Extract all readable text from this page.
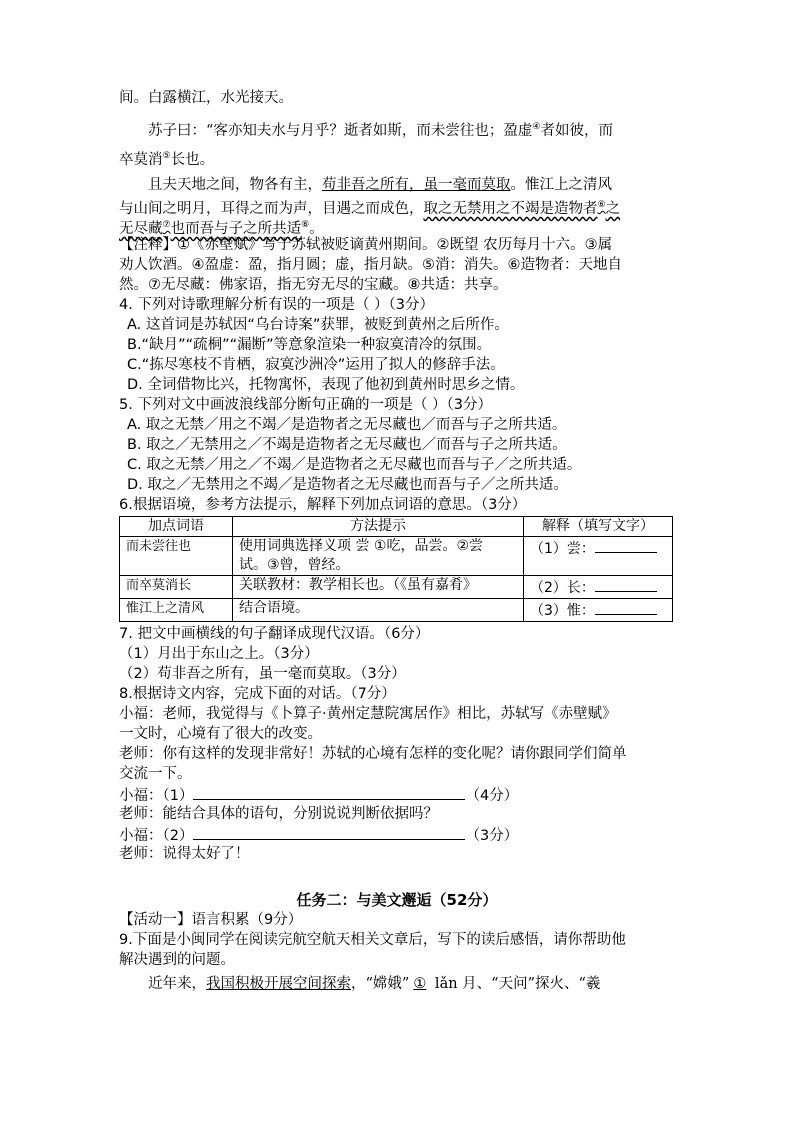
间。白露横江，水光接天。
苏子曰：“客亦知夫水与月乎？逝者如斯，而未尝往也；盈虚④者如彼，而
卒莫消⑤长也。
且夫天地之间，物各有主，苟非吾之所有，虽一毫而莫取。惟江上之清风
与山间之明月，耳得之而为声，目遇之而成色，取之无禁用之不竭是造物者⑥之
无尽藏⑦也而吾与子之所共适⑧。
【注释】①《赤壁赋》写于苏轼被贬谪黄州期间。②既望 农历每月十六。③属
劝人饮酒。④盈虚：盈，指月圆；虚，指月缺。⑤消：消失。⑥造物者：天地自
然。⑦无尽藏：佛家语，指无穷无尽的宝藏。⑧共适：共享。
4. 下列对诗歌理解分析有误的一项是（ ）（3分）
A. 这首词是苏轼因“乌台诗案”获罪，被贬到黄州之后所作。
B.“缺月”“疏桐”“漏断”等意象渲染一种寂寞清冷的氛围。
C.“拣尽寒枝不肯栖，寂寞沙洲冷”运用了拟人的修辞手法。
D. 全词借物比兴，托物寓怀，表现了他初到黄州时思乡之情。
5. 下列对文中画波浪线部分断句正确的一项是（ ）（3分）
A. 取之无禁／用之不竭／是造物者之无尽藏也／而吾与子之所共适。
B. 取之／无禁用之／不竭是造物者之无尽藏也／而吾与子之所共适。
C. 取之无禁／用之／不竭／是造物者之无尽藏也而吾与子／之所共适。
D. 取之／无禁用之不竭／是造物者之无尽藏也而吾与子／之所共适。
6.根据语境，参考方法提示，解释下列加点词语的意思。（3分）
加点词语	方法提示	解释（填写文字）
而未尝往也	使用词典选择义项 尝 ①吃，品尝。②尝
试。③曾，曾经。	（1）尝：
而卒莫消长	关联教材：教学相长也。（《虽有嘉肴》	（2）长：
惟江上之清风	结合语境。	（3）惟：
7. 把文中画横线的句子翻译成现代汉语。（6分）
（1）月出于东山之上。（3分）
（2）苟非吾之所有，虽一毫而莫取。（3分）
8.根据诗文内容，完成下面的对话。（7分）
小福：老师，我觉得与《卜算子·黄州定慧院寓居作》相比，苏轼写《赤壁赋》
一文时，心境有了很大的改变。
老师：你有这样的发现非常好！苏轼的心境有怎样的变化呢？请你跟同学们简单
交流一下。
小福：（1）	（4分）
老师：能结合具体的语句，分别说说判断依据吗？
小福：（2）	（3分）
老师：说得太好了！
任务二：与美文邂逅（52分）
【活动一】语言积累（9分）
9.下面是小闽同学在阅读完航空航天相关文章后，写下的读后感悟，请你帮助他
解决遇到的问题。
近年来，我国积极开展空间探索，“嫦娥” ① lǎn 月、“天问”探火、“羲
